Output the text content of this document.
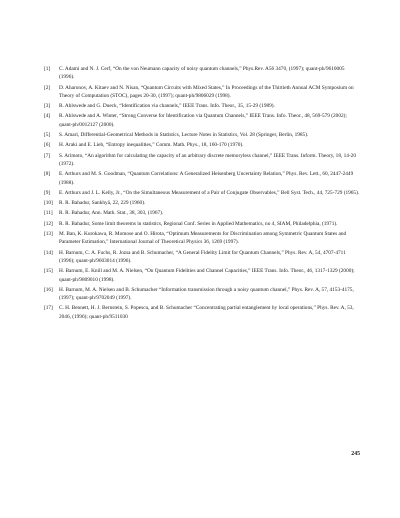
[1]	C. Adami and N. J. Cerf, “On the von Neumann capacity of noisy quantum channels,” Phys.Rev. A56 3470, (1997); quant-ph/9610005 (1996).
[2]	D. Aharonov, A. Kitaev and N. Nisan, “Quantum Circuits with Mixed States,” In Proceedings of the Thirtieth Annual ACM Symposium on Theory of Computation (STOC), pages 20-30, (1997); quant-ph/9806029 (1998).
[3]	R. Ahlswede and G. Dueck, “Identification via channels,” IEEE Trans. Info. Theor., 35, 15-29 (1989).
[4]	R. Ahlswede and A. Winter, “Strong Converse for Identification via Quantum Channels,” IEEE Trans. Info. Theor., 48, 569-579 (2002); quant-ph/0012127 (2000).
[5]	S. Amari, Differential-Geometrical Methods in Statistics, Lecture Notes in Statistics, Vol. 28 (Springer, Berlin, 1985).
[6]	H. Araki and E. Lieb, “Entropy inequalities,” Comm. Math. Phys., 18, 160-170 (1970).
[7]	S. Arimoto, “An algorithm for calculating the capacity of an arbitrary discrete memoryless channel,” IEEE Trans. Inform. Theory, 18, 14-20 (1972).
[8]	E. Arthurs and M. S. Goodman, “Quantum Correlations: A Generalized Heisenberg Uncertainty Relation,” Phys. Rev. Lett., 60, 2447-2449 (1988).
[9]	E. Arthurs and J. L. Kelly, Jr., “On the Simultaneous Measurement of a Pair of Conjugate Observables,” Bell Syst. Tech., 44, 725-729 (1965).
[10]	R. R. Bahadur, Sankhyā, 22, 229 (1960).
[11]	R. R. Bahadur, Ann. Math. Stat., 38, 303, (1967).
[12]	R. R. Bahadur, Some limit theorems in statistics, Regional Conf. Series in Applied Mathematics, no 4, SIAM, Philadelphia, (1971).
[13]	M. Ban, K. Kurokawa, R. Momose and O. Hirota, “Optimum Measurements for Discrimination among Symmetric Quantum States and Parameter Estimation,” International Journal of Theoretical Physics 36, 1269 (1997).
[14]	H. Barnum, C. A. Fuchs, R. Jozsa and B. Schumacher, “A General Fidelity Limit for Quantum Channels,” Phys. Rev. A, 54, 4707-4711 (1996); quant-ph/9603014 (1996).
[15]	H. Barnum, E. Knill and M. A. Nielsen, “On Quantum Fidelities and Channel Capacities,” IEEE Trans. Info. Theor., 46, 1317-1329 (2000); quant-ph/9809010 (1998).
[16]	H. Barnum, M. A. Nielsen and B. Schumacher “Information transmission through a noisy quantum channel,” Phys. Rev. A, 57, 4153-4175, (1997); quant-ph/9702049 (1997).
[17]	C. H. Bennett, H. J. Bernstein, S. Popescu, and B. Schumacher “Concentrating partial entanglement by local operations,” Phys. Rev. A, 53, 2046, (1996); quant-ph/9511030
245
